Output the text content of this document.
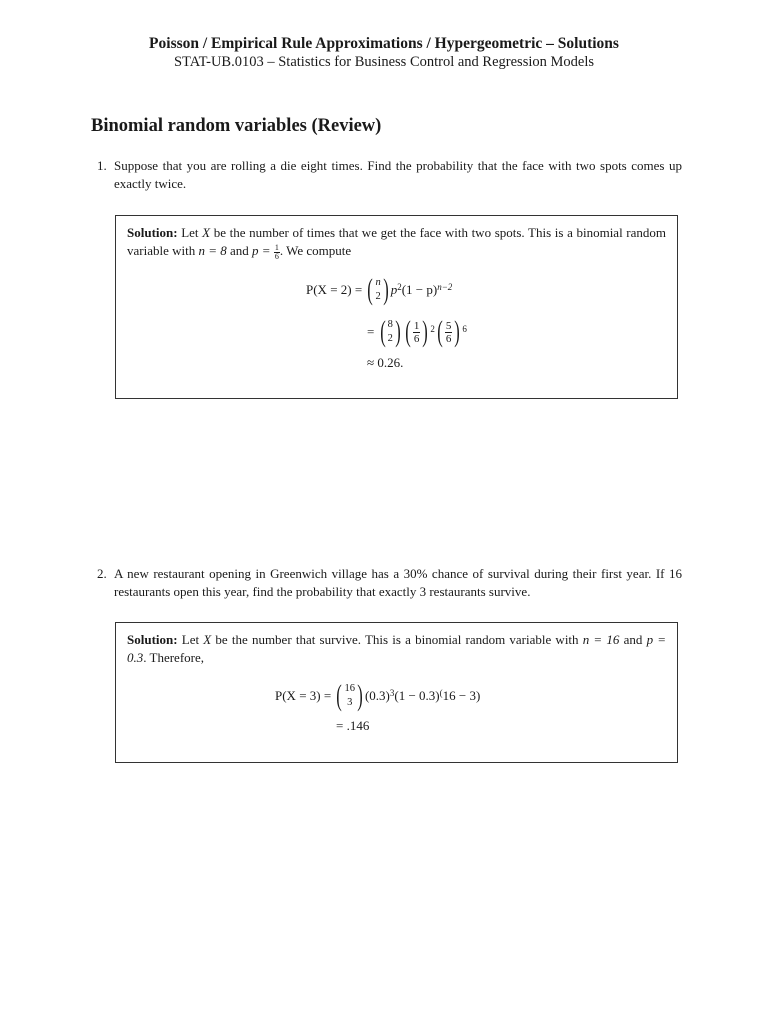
Poisson / Empirical Rule Approximations / Hypergeometric – Solutions
STAT-UB.0103 – Statistics for Business Control and Regression Models
Binomial random variables (Review)
1. Suppose that you are rolling a die eight times. Find the probability that the face with two spots comes up exactly twice.
Solution: Let X be the number of times that we get the face with two spots. This is a binomial random variable with n = 8 and $p = \frac{1}{6}$ . We compute
P(X = 2) =
( n
2 ) $p^2$ (1 − p) $^{n-2}$
=
( 8
2 ) ( $\frac{1}{6}$ ) $^2$ ( $\frac{5}{6}$ ) $^6$
≈ 0.26.
2. A new restaurant opening in Greenwich village has a 30% chance of survival during their first year. If 16 restaurants open this year, find the probability that exactly 3 restaurants survive.
Solution: Let X be the number that survive. This is a binomial random variable with n = 16 and p = 0.3. Therefore,
P(X = 3) =
( 16
3 ) $(0.3)^3$ (1 − 0.3)( 16 − 3)
= .146
